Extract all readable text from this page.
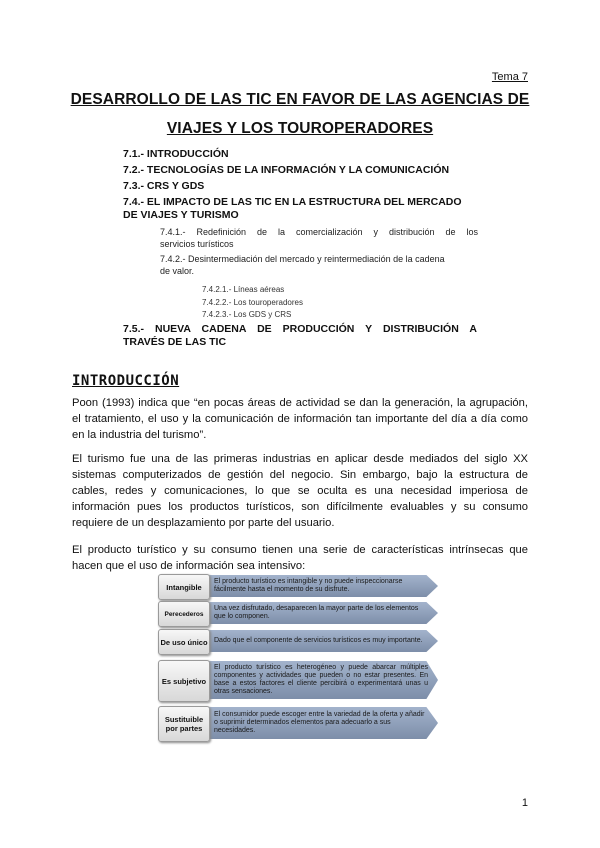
Tema 7
DESARROLLO DE LAS TIC EN FAVOR DE LAS AGENCIAS DE
VIAJES Y LOS TOUROPERADORES
7.1.- INTRODUCCIÓN
7.2.- TECNOLOGÍAS DE LA INFORMACIÓN Y LA COMUNICACIÓN
7.3.- CRS Y GDS
7.4.- EL IMPACTO DE LAS TIC EN LA ESTRUCTURA DEL MERCADO
DE VIAJES Y TURISMO
7.4.1.- Redefinición de la comercialización y distribución de los
servicios turísticos
7.4.2.- Desintermediación del mercado y reintermediación de la cadena
de valor.
7.4.2.1.- Líneas aéreas
7.4.2.2.- Los touroperadores
7.4.2.3.- Los GDS y CRS
7.5.- NUEVA CADENA DE PRODUCCIÓN Y DISTRIBUCIÓN A
TRAVÉS DE LAS TIC
INTRODUCCIÓN
Poon (1993) indica que “en pocas áreas de actividad se dan la generación, la agrupación, el tratamiento, el uso y la comunicación de información tan importante del día a día como en la industria del turismo”.
El turismo fue una de las primeras industrias en aplicar desde mediados del siglo XX sistemas computerizados de gestión del negocio. Sin embargo, bajo la estructura de cables, redes y comunicaciones, lo que se oculta es una necesidad imperiosa de información pues los productos turísticos, son difícilmente evaluables y su consumo requiere de un desplazamiento por parte del usuario.
El producto turístico y su consumo tienen una serie de características intrínsecas que hacen que el uso de información sea intensivo:
Intangible
El producto turístico es intangible y no puede inspeccionarse fácilmente hasta el momento de su disfrute.
Perecederos
Una vez disfrutado, desaparecen la mayor parte de los elementos que lo componen.
De uso único Dado que el componente de servicios turísticos es muy importante.
Es subjetivo
El producto turístico es heterogéneo y puede abarcar múltiples componentes y actividades que pueden o no estar presentes. En base a estos factores el cliente percibirá o experimentará unas u otras sensaciones.
Sustituible por partes
El consumidor puede escoger entre la variedad de la oferta y añadir o suprimir determinados elementos para adecuarlo a sus necesidades.
1
